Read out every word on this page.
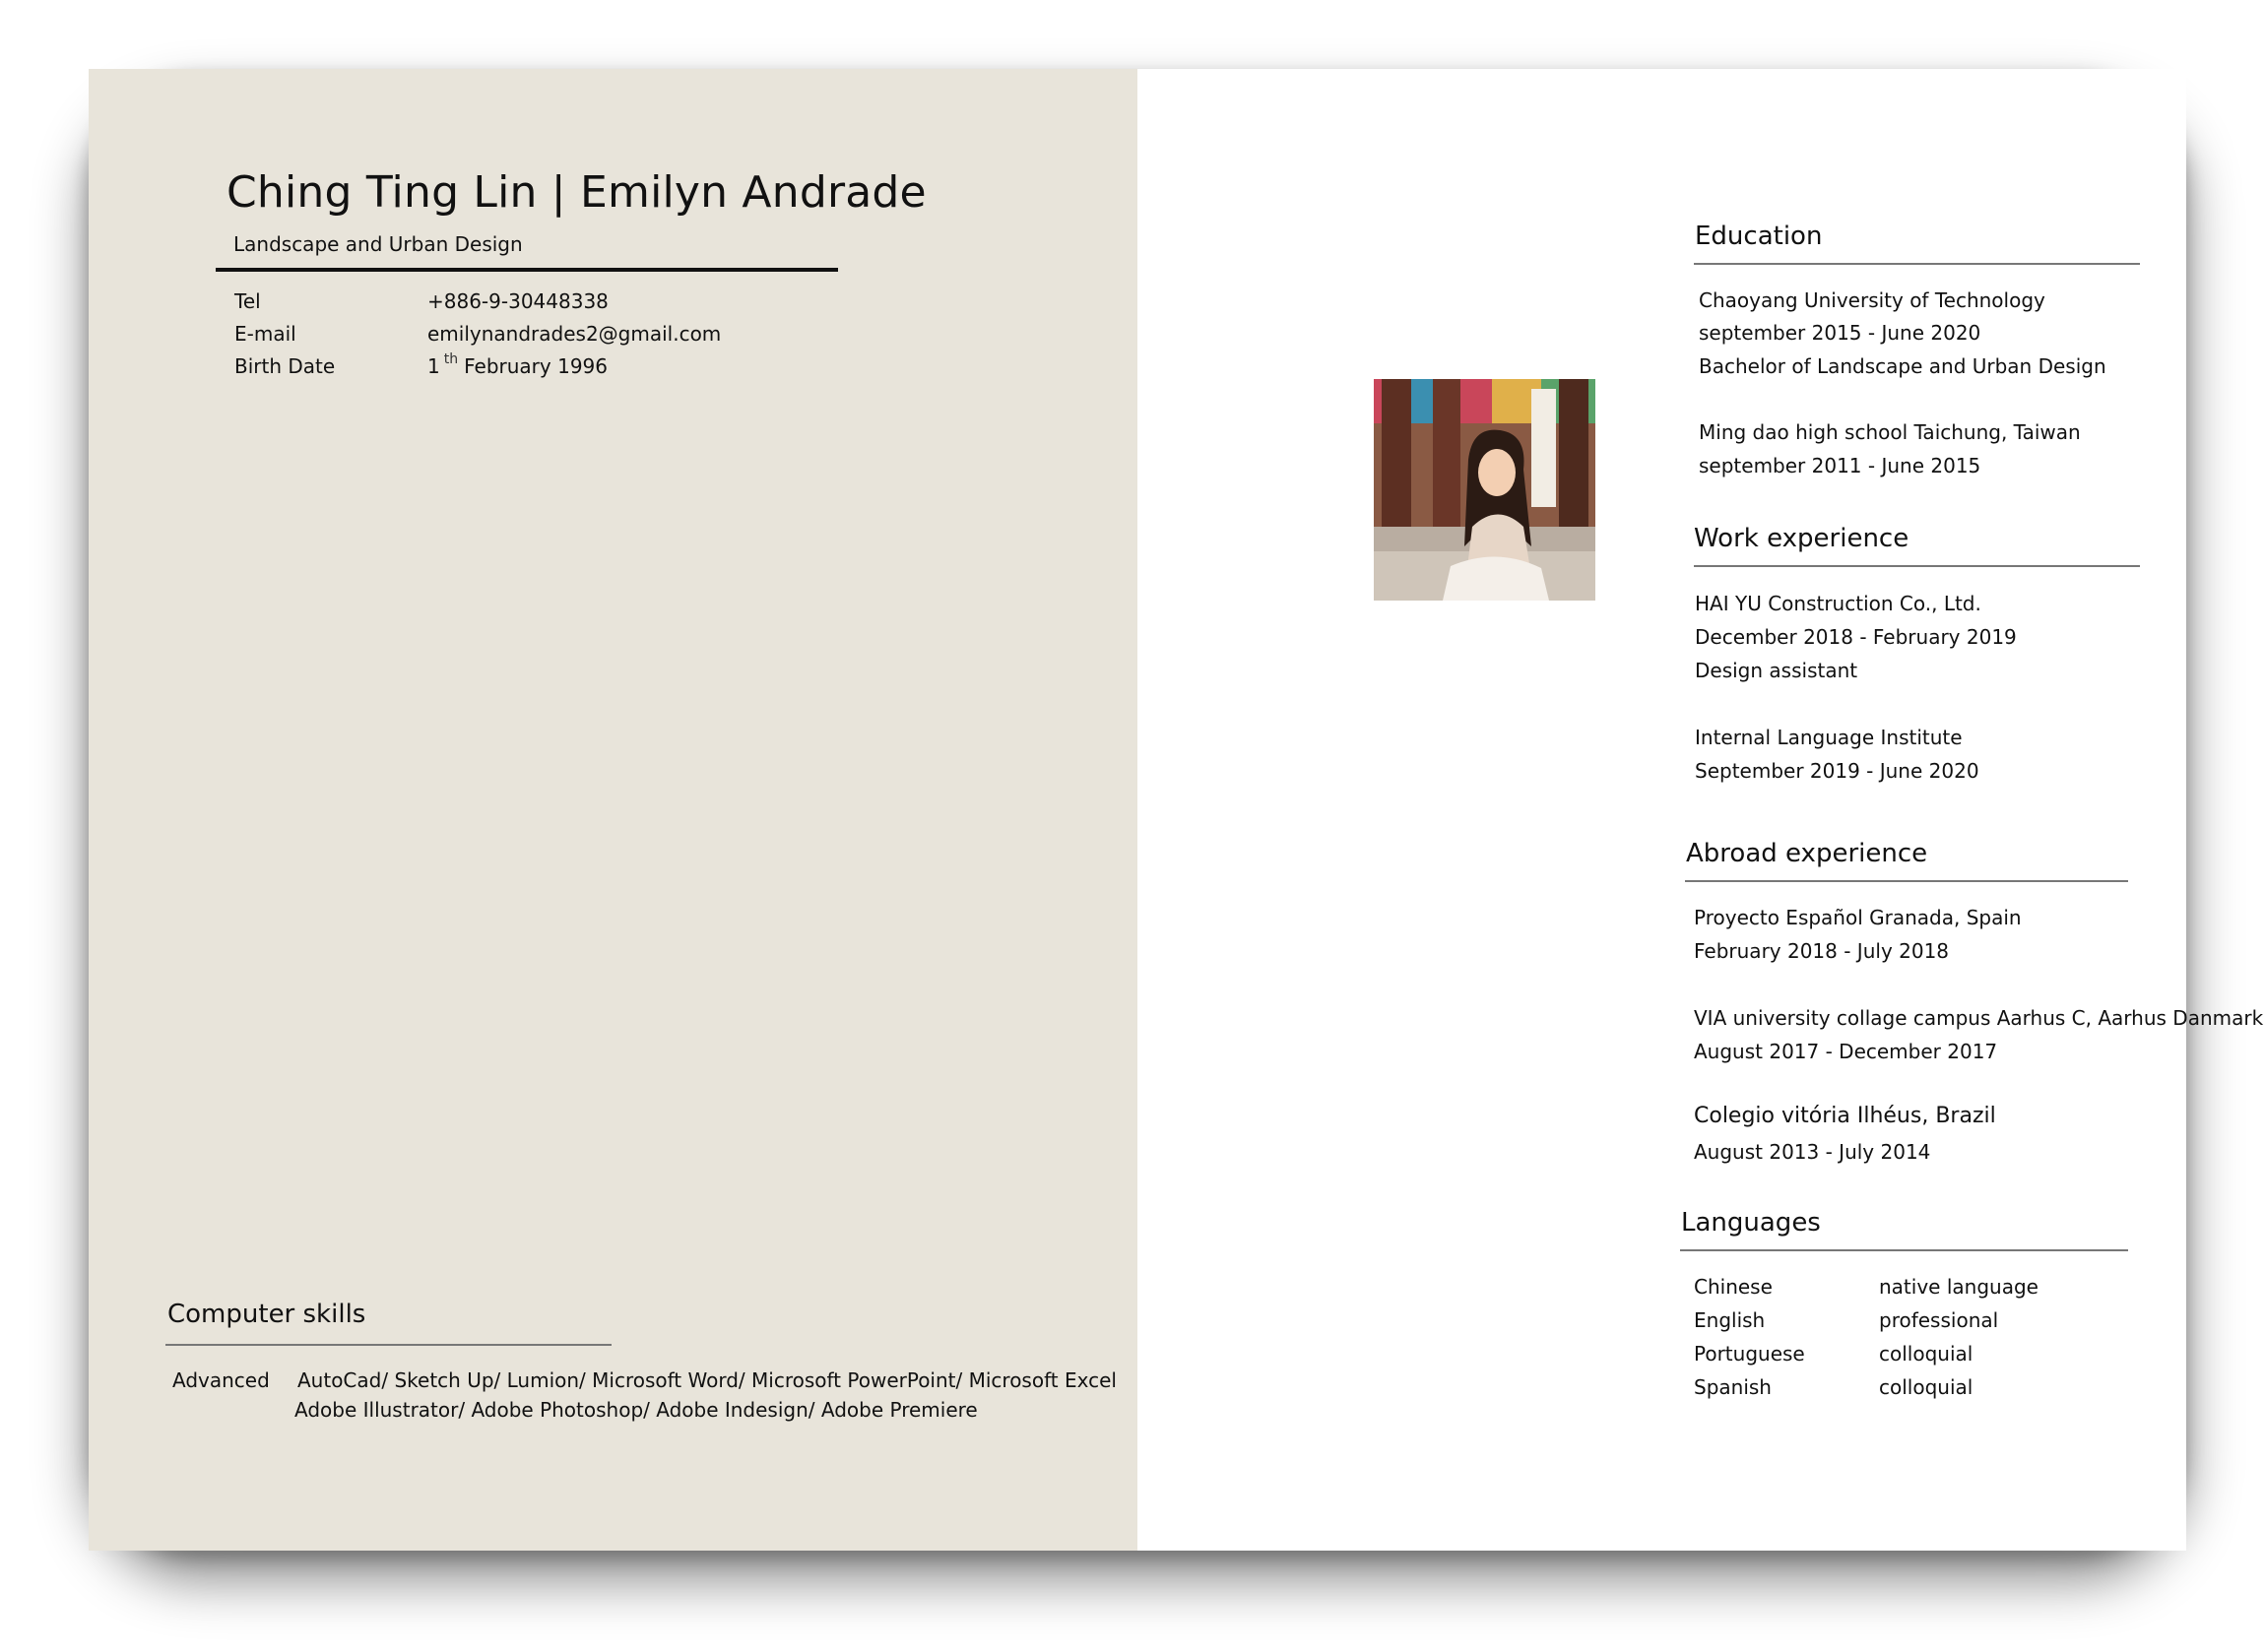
Ching Ting Lin | Emilyn Andrade
Landscape and Urban Design
Tel	+886-9-30448338
E-mail	emilynandrades2@gmail.com
Birth Date	1 $^{th}$ February 1996
Computer skills
Advanced AutoCad/ Sketch Up/ Lumion/ Microsoft Word/ Microsoft PowerPoint/ Microsoft Excel
Adobe Illustrator/ Adobe Photoshop/ Adobe Indesign/ Adobe Premiere
Education
Chaoyang University of Technology
september 2015 - June 2020
Bachelor of Landscape and Urban Design
Ming dao high school Taichung, Taiwan
september 2011 - June 2015
Work experience
HAI YU Construction Co., Ltd.
December 2018 - February 2019
Design assistant
Internal Language Institute
September 2019 - June 2020
Abroad experience
Proyecto Español Granada, Spain
February 2018 - July 2018
VIA university collage campus Aarhus C, Aarhus Danmark
August 2017 - December 2017
Colegio vitória Ilhéus, Brazil
August 2013 - July 2014
Languages
Chinese	native language
English	professional
Portuguese	colloquial
Spanish	colloquial
